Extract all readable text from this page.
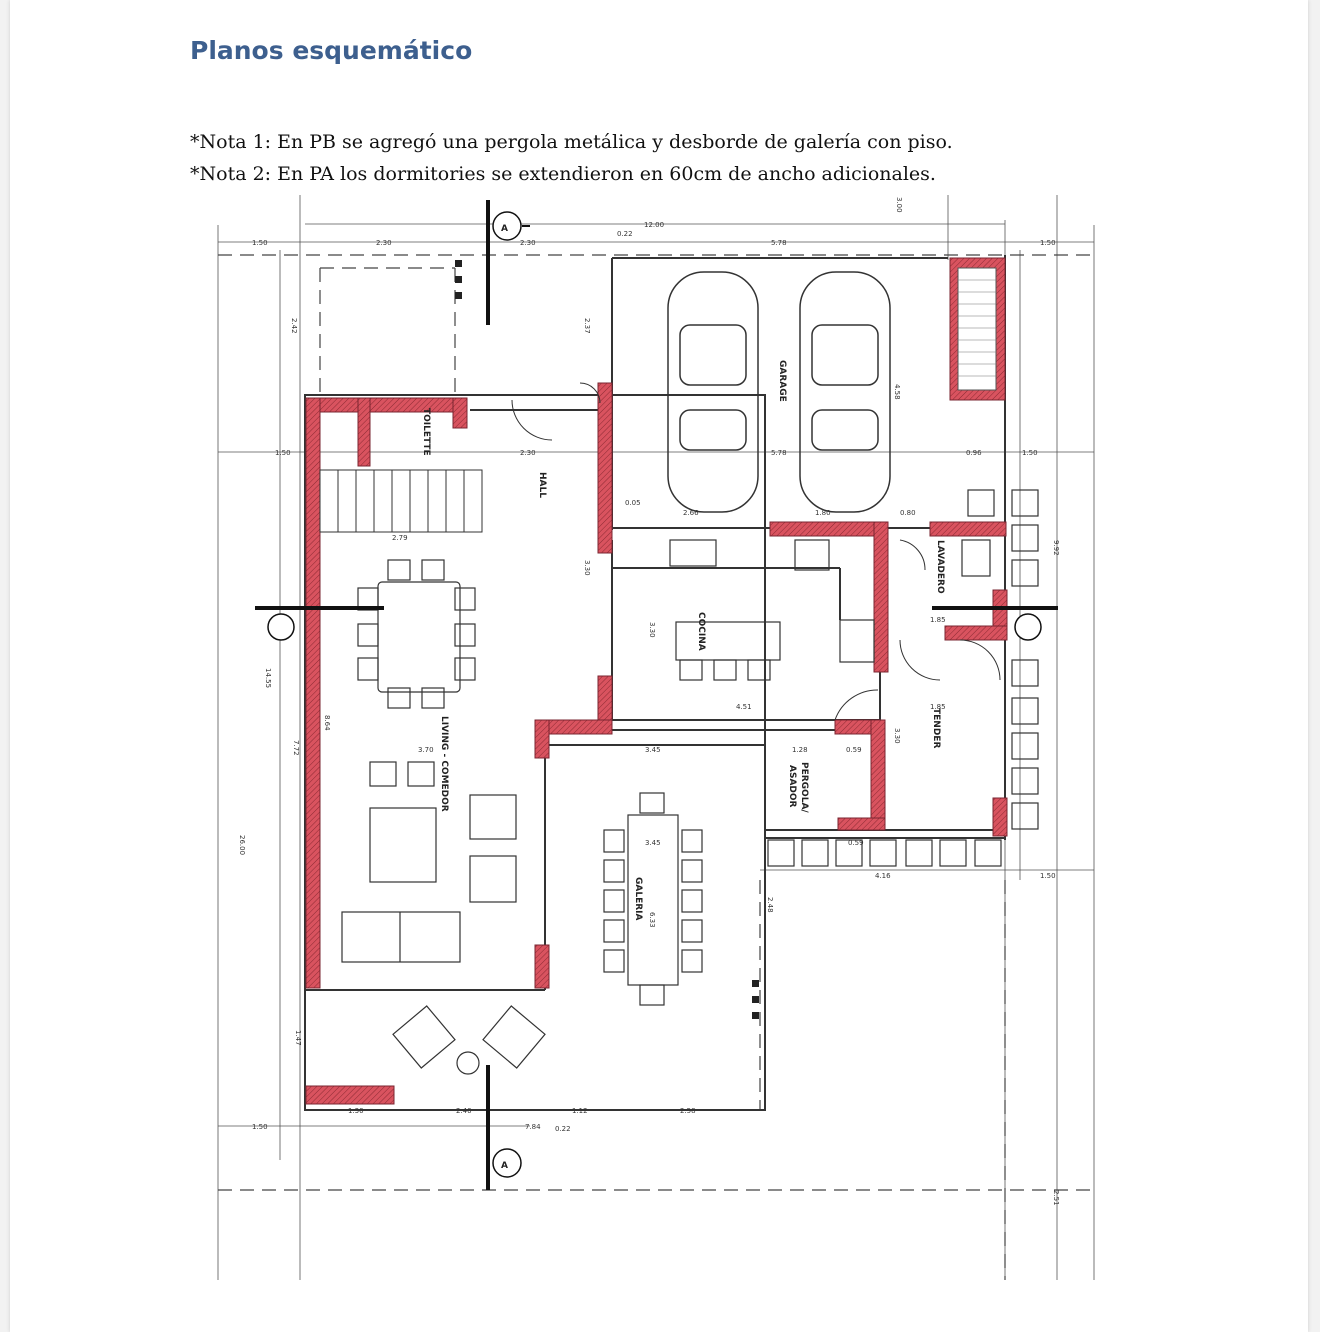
Planos esquemático

*Nota 1: En PB se agregó una pergola metálica y desborde de galería con piso.

*Nota 2: En PA los dormitories se extendieron en 60cm de ancho adicionales.

A
A
GARAGE
HALL
COCINA
LAVADERO
TENDER
LIVING - COMEDOR
GALERIA
PERGOLA/
ASADOR
TOILETTE
1.50	2.30	2.30
12.00
5.78
5.78
1.50
0.22
1.50	2.30	1.50
0.96
2.79
0.05
2.66	1.80	0.80
3.70	3.45
3.45
4.51
1.28	0.59
1.85
1.85
0.59
4.16	1.50
1.30	2.40	1.12	2.58
7.84 0.22
1.50
26.00
14.55
9.92
2.51
3.00
2.37
4.58
3.30
3.30
3.30
2.48
6.33
2.42
1.47
8.64
7.72
